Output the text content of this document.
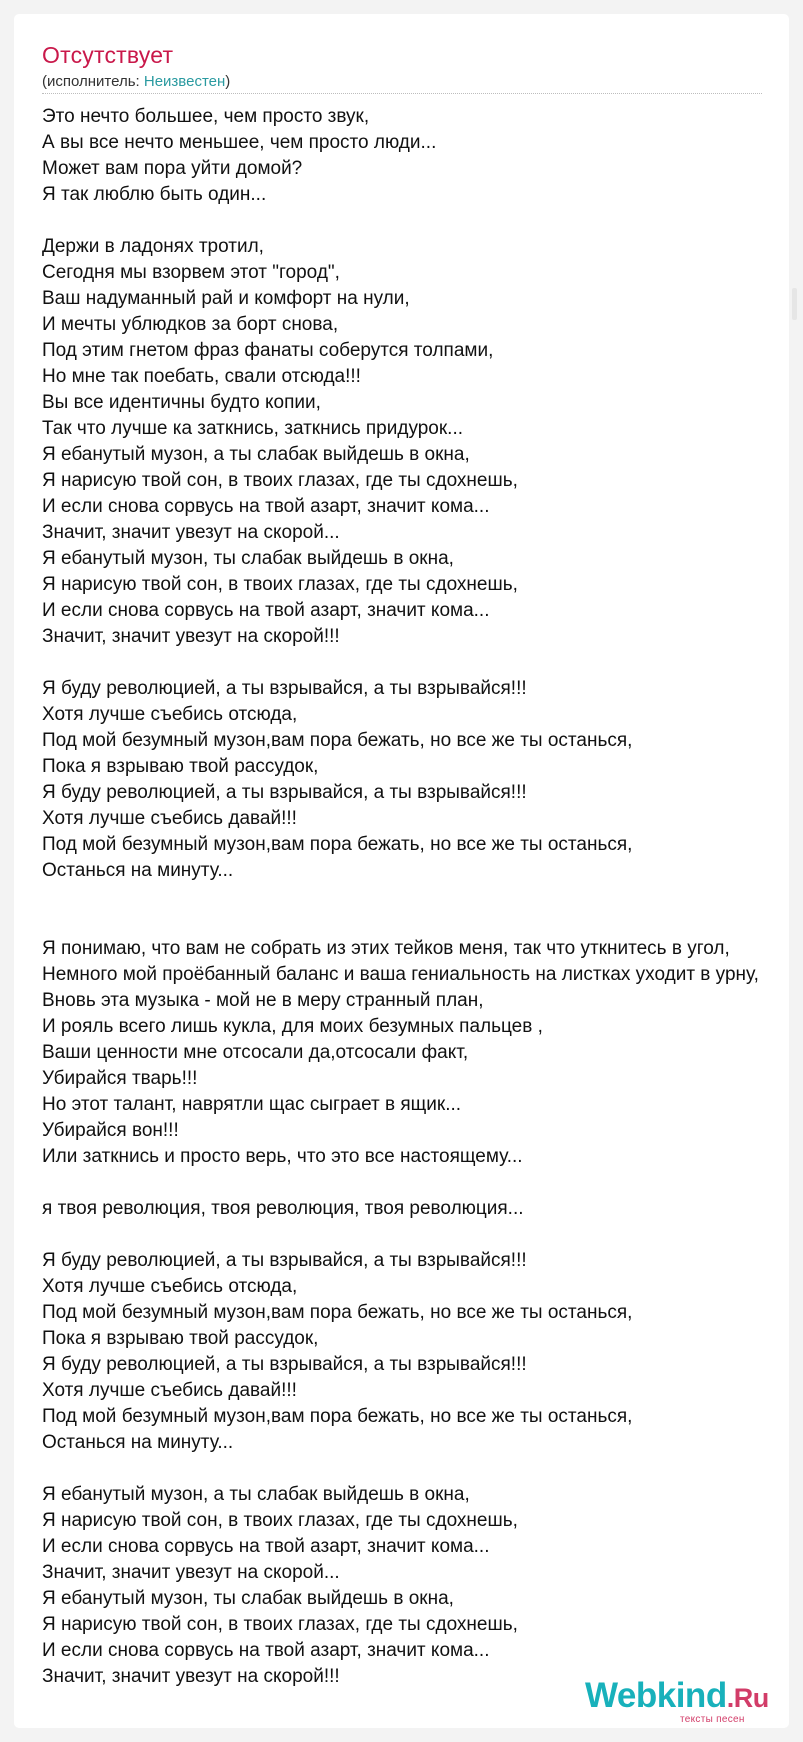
Отсутствует
(исполнитель: Неизвестен)
Это нечто большее, чем просто звук,
А вы все нечто меньшее, чем просто люди...
Может вам пора уйти домой?
Я так люблю быть один...
Держи в ладонях тротил,
Сегодня мы взорвем этот "город",
Ваш надуманный рай и комфорт на нули,
И мечты ублюдков за борт снова,
Под этим гнетом фраз фанаты соберутся толпами,
Но мне так поебать, свали отсюда!!!
Вы все идентичны будто копии,
Так что лучше ка заткнись, заткнись придурок...
Я ебанутый музон, а ты слабак выйдешь в окна,
Я нарисую твой сон, в твоих глазах, где ты сдохнешь,
И если снова сорвусь на твой азарт, значит кома...
Значит, значит увезут на скорой...
Я ебанутый музон, ты слабак выйдешь в окна,
Я нарисую твой сон, в твоих глазах, где ты сдохнешь,
И если снова сорвусь на твой азарт, значит кома...
Значит, значит увезут на скорой!!!
Я буду революцией, а ты взрывайся, а ты взрывайся!!!
Хотя лучше съебись отсюда,
Под мой безумный музон,вам пора бежать, но все же ты останься,
Пока я взрываю твой рассудок,
Я буду революцией, а ты взрывайся, а ты взрывайся!!!
Хотя лучше съебись давай!!!
Под мой безумный музон,вам пора бежать, но все же ты останься,
Останься на минуту...
Я понимаю, что вам не собрать из этих тейков меня, так что уткнитесь в угол,
Немного мой проёбанный баланс и ваша гениальность на листках уходит в урну,
Вновь эта музыка - мой не в меру странный план,
И рояль всего лишь кукла, для моих безумных пальцев ,
Ваши ценности мне отсосали да,отсосали факт,
Убирайся тварь!!!
Но этот талант, наврятли щас сыграет в ящик...
Убирайся вон!!!
Или заткнись и просто верь, что это все настоящему...
я твоя революция, твоя революция, твоя революция...
Я буду революцией, а ты взрывайся, а ты взрывайся!!!
Хотя лучше съебись отсюда,
Под мой безумный музон,вам пора бежать, но все же ты останься,
Пока я взрываю твой рассудок,
Я буду революцией, а ты взрывайся, а ты взрывайся!!!
Хотя лучше съебись давай!!!
Под мой безумный музон,вам пора бежать, но все же ты останься,
Останься на минуту...
Я ебанутый музон, а ты слабак выйдешь в окна,
Я нарисую твой сон, в твоих глазах, где ты сдохнешь,
И если снова сорвусь на твой азарт, значит кома...
Значит, значит увезут на скорой...
Я ебанутый музон, ты слабак выйдешь в окна,
Я нарисую твой сон, в твоих глазах, где ты сдохнешь,
И если снова сорвусь на твой азарт, значит кома...
Значит, значит увезут на скорой!!!	Webkind.Ru
тексты песен
